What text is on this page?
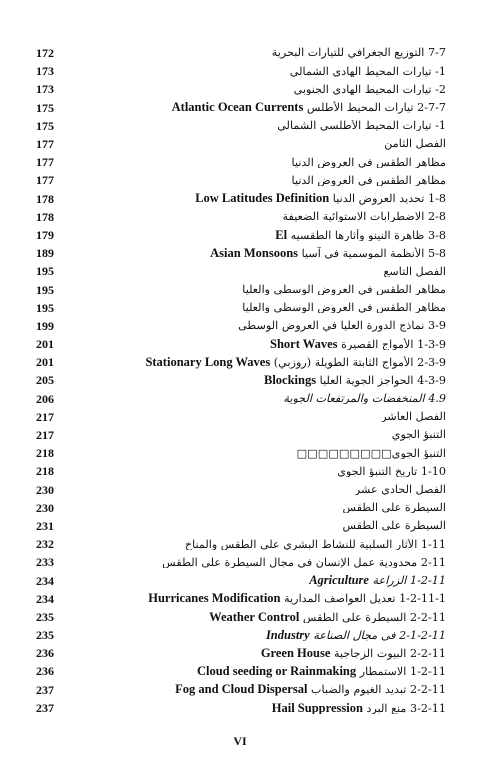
172	7-7 التوزيع الجغرافي للتيارات البحرية
173	1- تيارات المحيط الهادي الشمالي
173	2- تيارات المحيط الهادي الجنوبي
175	2-7-7 تيارات المحيط الأطلس Atlantic Ocean Currents
175	1- تيارات المحيط الأطلسي الشمالي
177	الفصل الثامن
177	مظاهر الطقس في العروض الدنيا
177	مظاهر الطقس في العروض الدنيا
178	1-8 تحديد العروض الدنيا Low Latitudes Definition
178	2-8 الاضطرابات الاستوائية الضعيفة
179	3-8 ظاهرة النينو وأثارها الطقسيه El
189	5-8 الأنظمة الموسمية في آسيا Asian Monsoons
195	الفصل التاسع
195	مظاهر الطقس في العروض الوسطى والعليا
195	مظاهر الطقس في العروض الوسطى والعليا
199	3-9 نماذج الدورة العليا في العروض الوسطى
201	1-3-9 الأمواج القصيرة Short Waves
201	2-3-9 الأمواج الثابتة الطويلة (روزبي) Stationary Long Waves
205	4-3-9 الحواجز الجوية العليا Blockings
206	4.9 المنخفضات والمرتفعات الجوية
217	الفصل العاشر
217	التنبؤ الجوي
218	التنبؤ الجوي□□□□□□□□□
218	1-10 تاريخ التنبؤ الجوي
230	الفصل الحادي عشر
230	السيطرة على الطقس
231	السيطرة على الطقس
232	1-11 الأثار السلبية للنشاط البشري على الطقس والمناخ
233	2-11 محدودية عمل الإنسان في مجال السيطرة على الطقس
234	1-2-11 الزراعة Agriculture
234	1-2-11-1 تعديل العواصف المدارية Hurricanes Modification
235	2-2-11 السيطرة على الطقس Weather Control
235	2-1-2-11 في مجال الصناعة Industry
236	2-2-11 البيوت الزجاجية Green House
236	1-2-11 الاستمطار Cloud seeding or Rainmaking
237	2-2-11 تبديد الغيوم والضباب Fog and Cloud Dispersal
237	3-2-11 منع البرد Hail Suppression
VI
